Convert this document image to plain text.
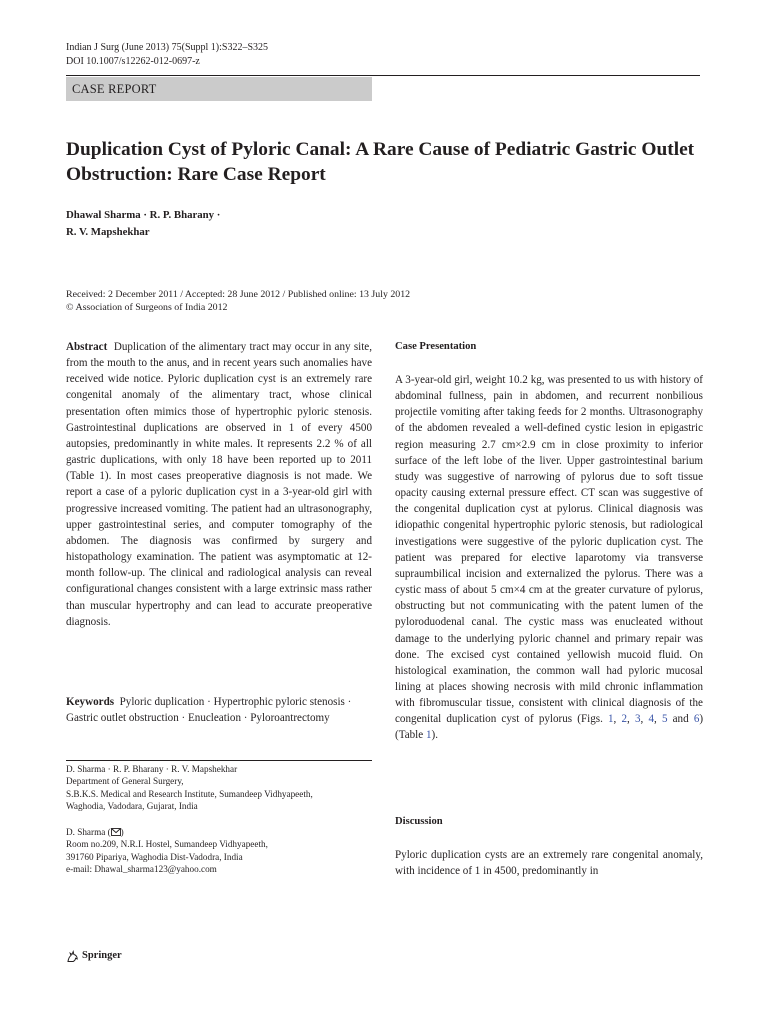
Indian J Surg (June 2013) 75(Suppl 1):S322–S325
DOI 10.1007/s12262-012-0697-z
CASE REPORT
Duplication Cyst of Pyloric Canal: A Rare Cause of Pediatric Gastric Outlet Obstruction: Rare Case Report
Dhawal Sharma · R. P. Bharany ·
R. V. Mapshekhar
Received: 2 December 2011 / Accepted: 28 June 2012 / Published online: 13 July 2012
© Association of Surgeons of India 2012
Abstract Duplication of the alimentary tract may occur in any site, from the mouth to the anus, and in recent years such anomalies have received wide notice. Pyloric duplication cyst is an extremely rare congenital anomaly of the alimentary tract, whose clinical presentation often mimics those of hypertrophic pyloric stenosis. Gastrointestinal duplications are observed in 1 of every 4500 autopsies, predominantly in white males. It represents 2.2 % of all gastric duplications, with only 18 have been reported up to 2011 (Table 1). In most cases preoperative diagnosis is not made. We report a case of a pyloric duplication cyst in a 3-year-old girl with progressive increased vomiting. The patient had an ultrasonography, upper gastrointestinal series, and computer tomography of the abdomen. The diagnosis was confirmed by surgery and histopathology examination. The patient was asymptomatic at 12-month follow-up. The clinical and radiological analysis can reveal configurational changes consistent with a large extrinsic mass rather than muscular hypertrophy and can lead to accurate preoperative diagnosis.
Keywords Pyloric duplication · Hypertrophic pyloric stenosis · Gastric outlet obstruction · Enucleation · Pyloroantrectomy
D. Sharma · R. P. Bharany · R. V. Mapshekhar
Department of General Surgery,
S.B.K.S. Medical and Research Institute, Sumandeep Vidhyapeeth,
Waghodia, Vadodara, Gujarat, India
D. Sharma ( )
Room no.209, N.R.I. Hostel, Sumandeep Vidhyapeeth,
391760 Pipariya, Waghodia Dist-Vadodra, India
e-mail: Dhawal_sharma123@yahoo.com
Case Presentation
A 3-year-old girl, weight 10.2 kg, was presented to us with history of abdominal fullness, pain in abdomen, and recurrent nonbilious projectile vomiting after taking feeds for 2 months. Ultrasonography of the abdomen revealed a well-defined cystic lesion in epigastric region measuring 2.7 cm×2.9 cm in close proximity to inferior surface of the left lobe of the liver. Upper gastrointestinal barium study was suggestive of narrowing of pylorus due to soft tissue opacity causing external pressure effect. CT scan was suggestive of the congenital duplication cyst at pylorus. Clinical diagnosis was idiopathic congenital hypertrophic pyloric stenosis, but radiological investigations were suggestive of the pyloric duplication cyst. The patient was prepared for elective laparotomy via transverse supraumbilical incision and externalized the pylorus. There was a cystic mass of about 5 cm×4 cm at the greater curvature of pylorus, obstructing but not communicating with the patent lumen of the pyloroduodenal canal. The cystic mass was enucleated without damage to the underlying pyloric channel and primary repair was done. The excised cyst contained yellowish mucoid fluid. On histological examination, the common wall had pyloric mucosal lining at places showing necrosis with mild chronic inflammation with fibromuscular tissue, consistent with clinical diagnosis of the congenital duplication cyst of pylorus (Figs. 1, 2, 3, 4, 5 and 6) (Table 1).
Discussion
Pyloric duplication cysts are an extremely rare congenital anomaly, with incidence of 1 in 4500, predominantly in
Springer
